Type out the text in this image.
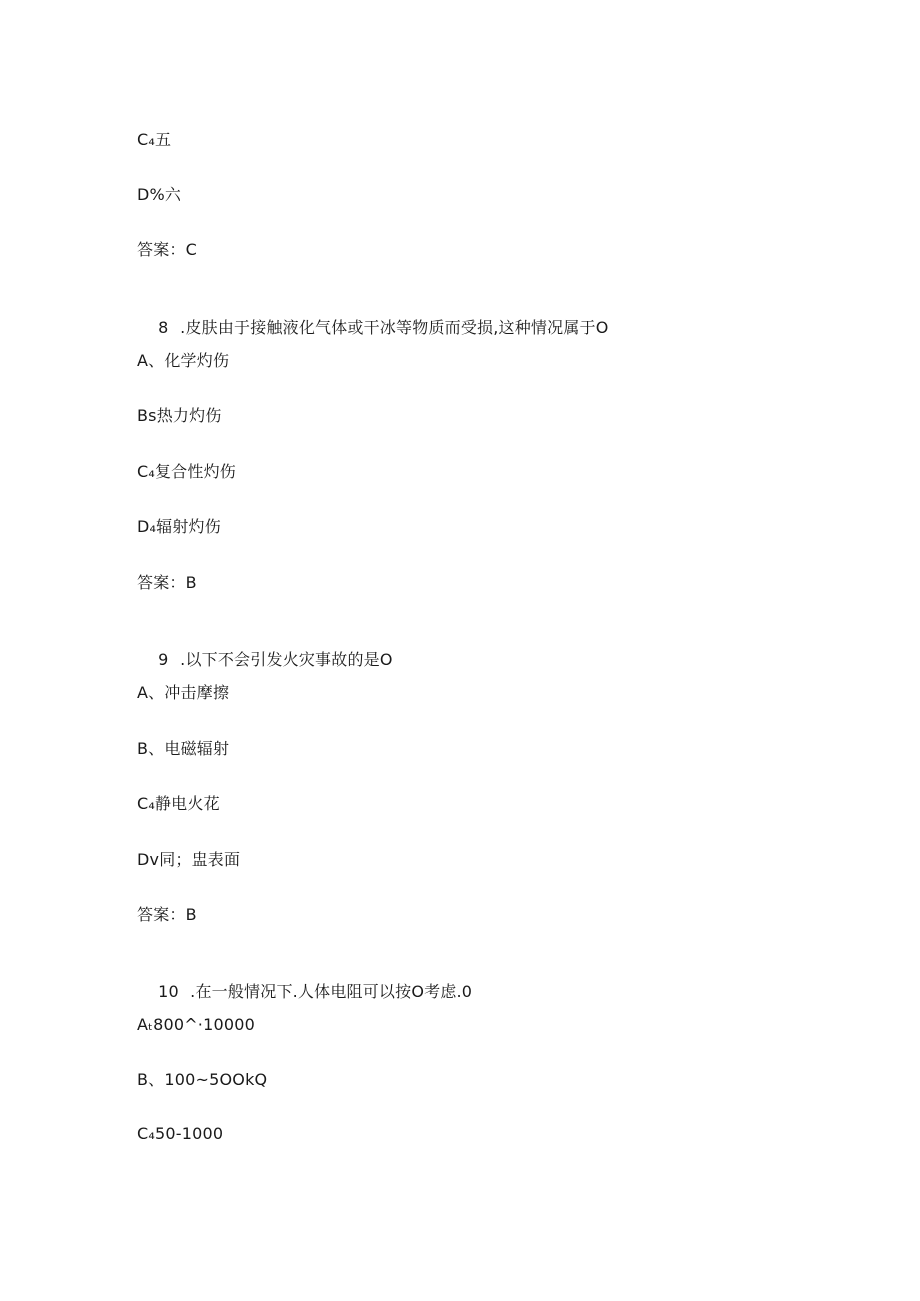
C₄五
D%六
答案：C

8 .皮肤由于接触液化气体或干冰等物质而受损,这种情况属于O

A、化学灼伤
Bs热力灼伤
C₄复合性灼伤
D₄辐射灼伤
答案：B

9 .以下不会引发火灾事故的是O

A、冲击摩擦
B、电磁辐射
C₄静电火花
Dv同；盅表面
答案：B

10 .在一般情况下.人体电阻可以按O考虑.0

Aₜ800^·10000
B、100~5OOkQ
C₄50-1000
